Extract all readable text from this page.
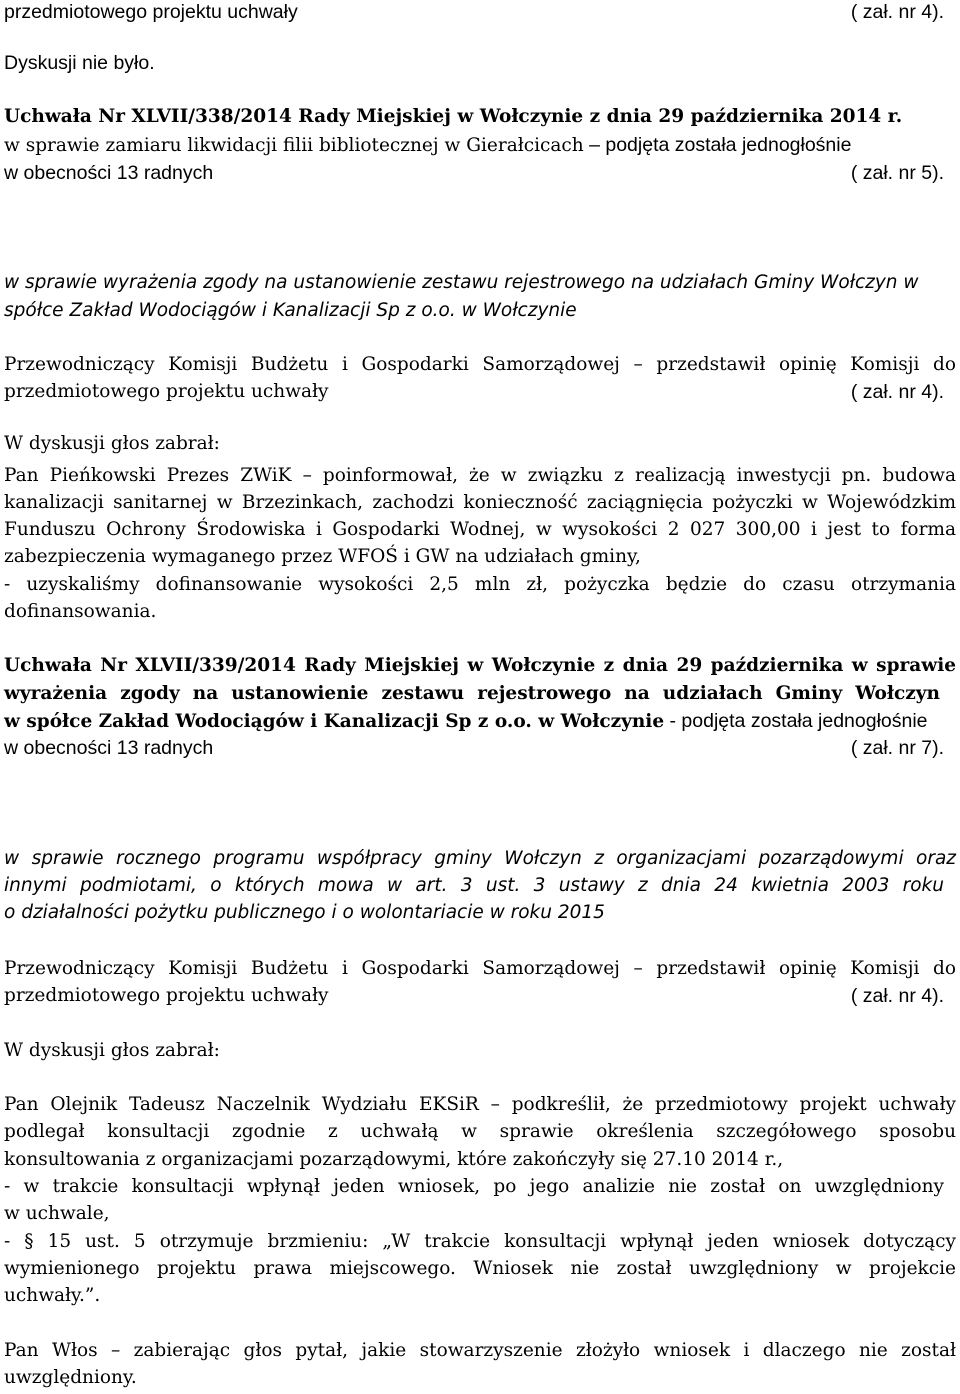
przedmiotowego projektu uchwały	( zał. nr 4).
Dyskusji nie było.
Uchwała Nr XLVII/338/2014 Rady Miejskiej w Wołczynie z dnia 29 października 2014 r.
w sprawie zamiaru likwidacji filii bibliotecznej w Gierałcicach – podjęta została jednogłośnie
w obecności 13 radnych	( zał. nr 5).
w sprawie wyrażenia zgody na ustanowienie zestawu rejestrowego na udziałach Gminy Wołczyn w
spółce Zakład Wodociągów i Kanalizacji Sp z o.o. w Wołczynie
Przewodniczący Komisji Budżetu i Gospodarki Samorządowej – przedstawił opinię Komisji do
przedmiotowego projektu uchwały	( zał. nr 4).
W dyskusji głos zabrał:
Pan Pieńkowski Prezes ZWiK – poinformował, że w związku z realizacją inwestycji pn. budowa
kanalizacji sanitarnej w Brzezinkach, zachodzi konieczność zaciągnięcia pożyczki w Wojewódzkim
Funduszu Ochrony Środowiska i Gospodarki Wodnej, w wysokości 2 027 300,00 i jest to forma
zabezpieczenia wymaganego przez WFOŚ i GW na udziałach gminy,
- uzyskaliśmy dofinansowanie wysokości 2,5 mln zł, pożyczka będzie do czasu otrzymania
dofinansowania.
Uchwała Nr XLVII/339/2014 Rady Miejskiej w Wołczynie z dnia 29 października w sprawie
wyrażenia zgody na ustanowienie zestawu rejestrowego na udziałach Gminy Wołczyn
w spółce Zakład Wodociągów i Kanalizacji Sp z o.o. w Wołczynie - podjęta została jednogłośnie
w obecności 13 radnych	( zał. nr 7).
w sprawie rocznego programu współpracy gminy Wołczyn z organizacjami pozarządowymi oraz
innymi podmiotami, o których mowa w art. 3 ust. 3 ustawy z dnia 24 kwietnia 2003 roku
o działalności pożytku publicznego i o wolontariacie w roku 2015
Przewodniczący Komisji Budżetu i Gospodarki Samorządowej – przedstawił opinię Komisji do
przedmiotowego projektu uchwały	( zał. nr 4).
W dyskusji głos zabrał:
Pan Olejnik Tadeusz Naczelnik Wydziału EKSiR – podkreślił, że przedmiotowy projekt uchwały
podlegał konsultacji zgodnie z uchwałą w sprawie określenia szczegółowego sposobu
konsultowania z organizacjami pozarządowymi, które zakończyły się 27.10 2014 r.,
- w trakcie konsultacji wpłynął jeden wniosek, po jego analizie nie został on uwzględniony
w uchwale,
- § 15 ust. 5 otrzymuje brzmieniu: „W trakcie konsultacji wpłynął jeden wniosek dotyczący
wymienionego projektu prawa miejscowego. Wniosek nie został uwzględniony w projekcie
uchwały.”.
Pan Włos – zabierając głos pytał, jakie stowarzyszenie złożyło wniosek i dlaczego nie został
uwzględniony.
